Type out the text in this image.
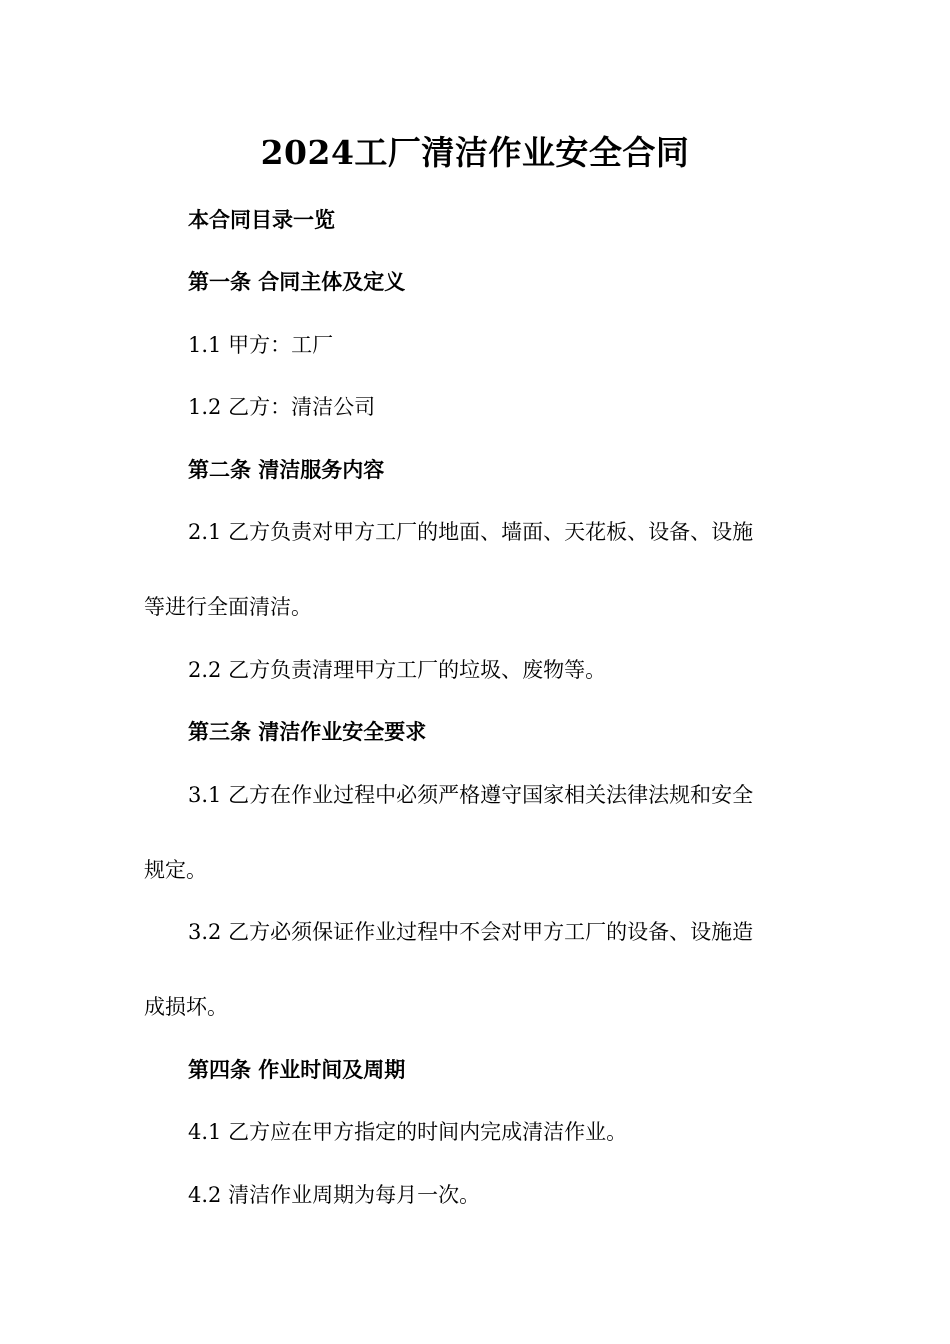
2024工厂清洁作业安全合同
本合同目录一览
第一条 合同主体及定义
1.1 甲方：工厂
1.2 乙方：清洁公司
第二条 清洁服务内容
2.1 乙方负责对甲方工厂的地面、墙面、天花板、设备、设施
等进行全面清洁。
2.2 乙方负责清理甲方工厂的垃圾、废物等。
第三条 清洁作业安全要求
3.1 乙方在作业过程中必须严格遵守国家相关法律法规和安全
规定。
3.2 乙方必须保证作业过程中不会对甲方工厂的设备、设施造
成损坏。
第四条 作业时间及周期
4.1 乙方应在甲方指定的时间内完成清洁作业。
4.2 清洁作业周期为每月一次。
